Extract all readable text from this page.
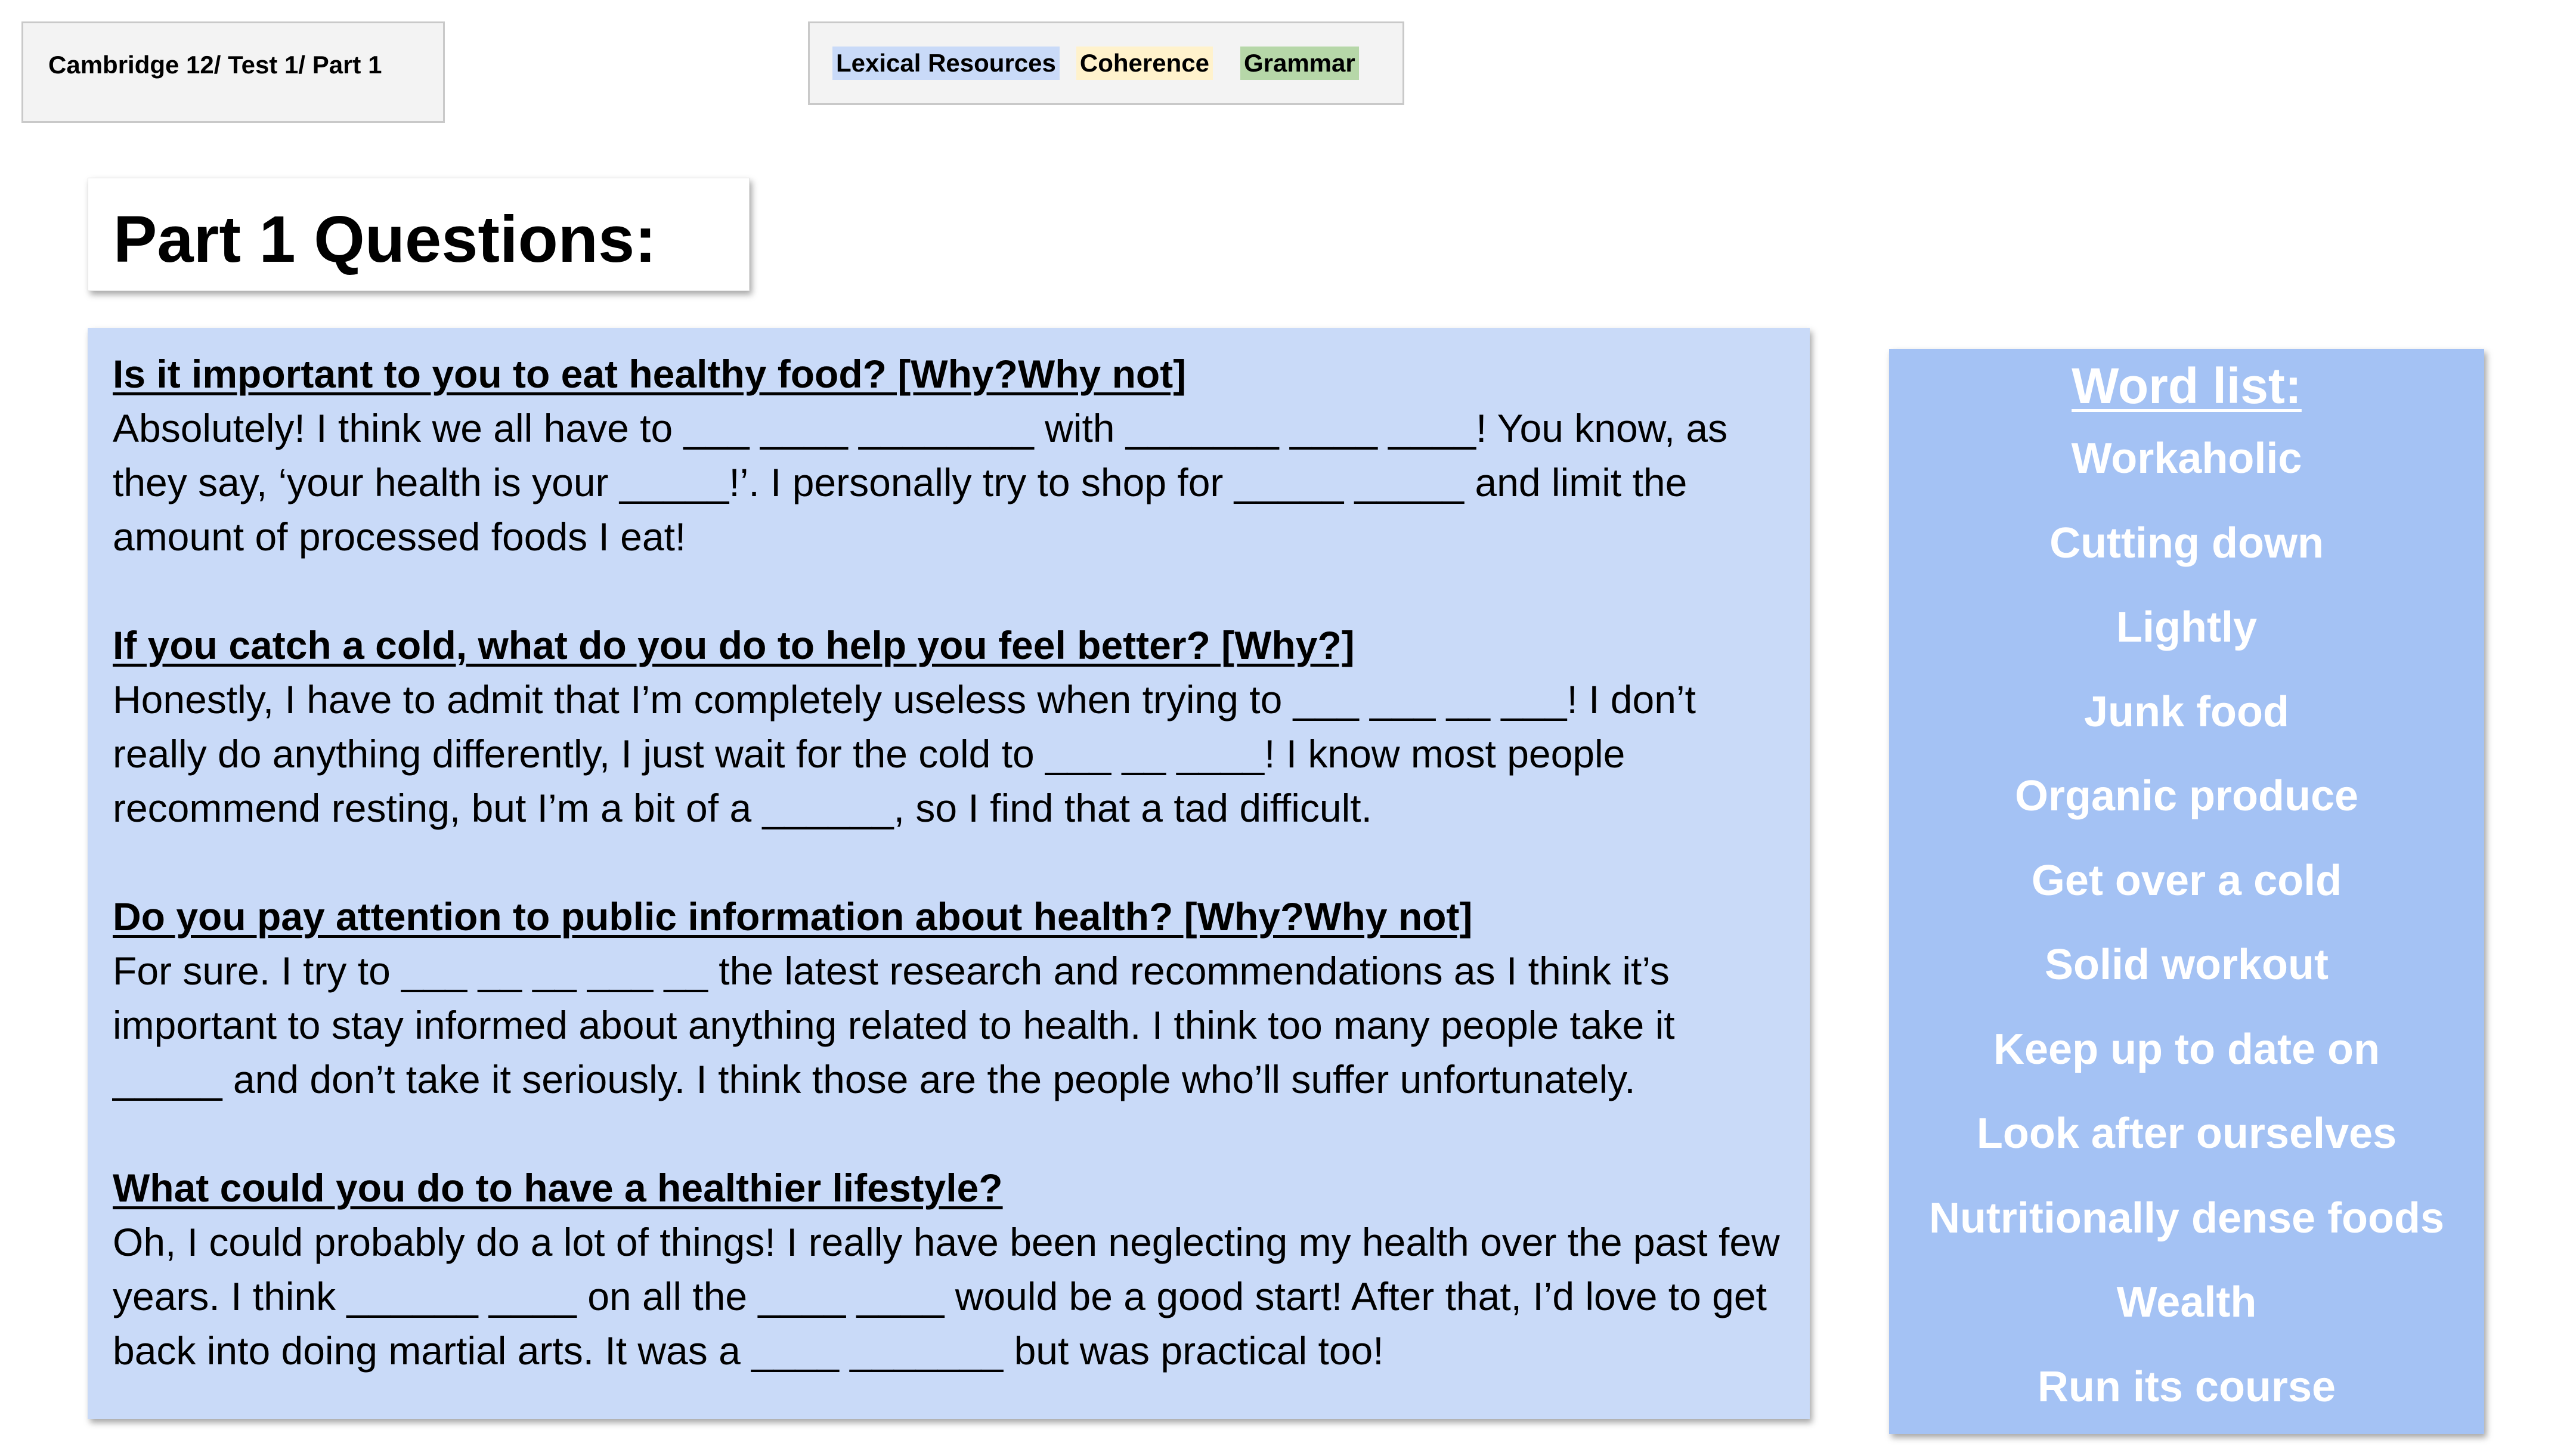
Cambridge 12/ Test 1/ Part 1	Lexical Resources Coherence Grammar
Part 1 Questions:
Is it important to you to eat healthy food? [Why?Why not]
Absolutely! I think we all have to ___ ____ ________ with _______ ____ ____! You know, as they say, ‘your health is your _____!’. I personally try to shop for _____ _____ and limit the amount of processed foods I eat!
If you catch a cold, what do you do to help you feel better? [Why?]
Honestly, I have to admit that I’m completely useless when trying to ___ ___ __ ___! I don’t really do anything differently, I just wait for the cold to ___ __ ____! I know most people recommend resting, but I’m a bit of a ______, so I find that a tad difficult.
Do you pay attention to public information about health? [Why?Why not]
For sure. I try to ___ __ __ ___ __ the latest research and recommendations as I think it’s important to stay informed about anything related to health. I think too many people take it _____ and don’t take it seriously. I think those are the people who’ll suffer unfortunately.
What could you do to have a healthier lifestyle?
Oh, I could probably do a lot of things! I really have been neglecting my health over the past few years. I think ______ ____ on all the ____ ____ would be a good start! After that, I’d love to get back into doing martial arts. It was a ____ _______ but was practical too!
Word list:
Workaholic
Cutting down
Lightly
Junk food
Organic produce
Get over a cold
Solid workout
Keep up to date on
Look after ourselves
Nutritionally dense foods
Wealth
Run its course
